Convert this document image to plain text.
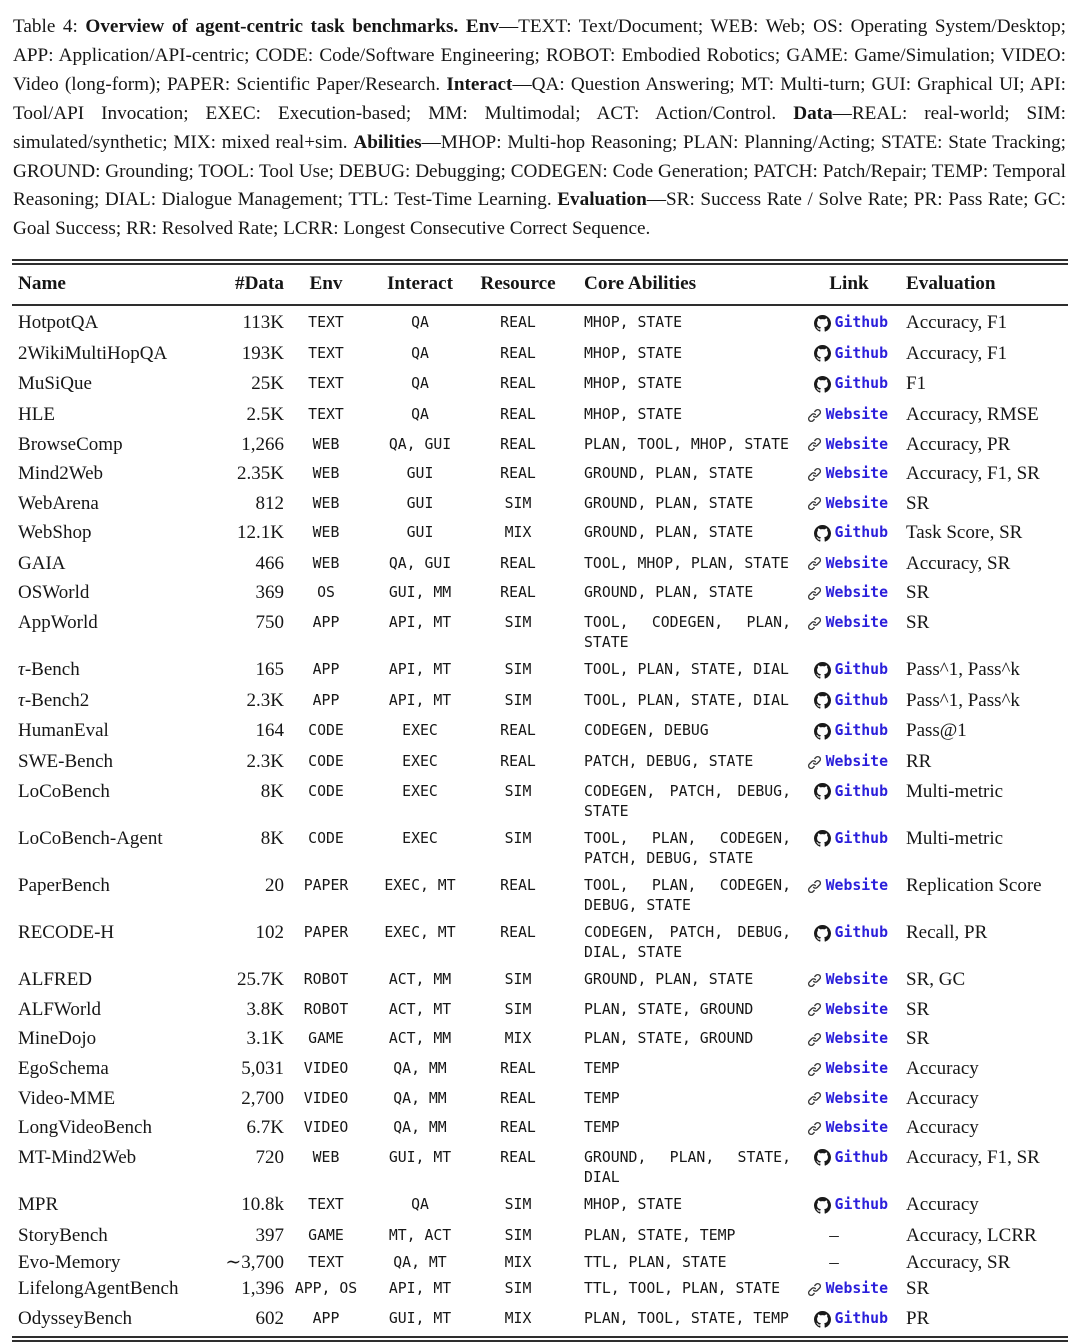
Table 4: Overview of agent-centric task benchmarks. Env—TEXT: Text/Document; WEB: Web; OS: Operating System/Desktop; APP: Application/API-centric; CODE: Code/Software Engineering; ROBOT: Embodied Robotics; GAME: Game/Simulation; VIDEO: Video (long-form); PAPER: Scientific Paper/Research. Interact—QA: Question Answering; MT: Multi-turn; GUI: Graphical UI; API: Tool/API Invocation; EXEC: Execution-based; MM: Multimodal; ACT: Action/Control. Data—REAL: real-world; SIM: simulated/synthetic; MIX: mixed real+sim. Abilities—MHOP: Multi-hop Reasoning; PLAN: Planning/Acting; STATE: State Tracking; GROUND: Grounding; TOOL: Tool Use; DEBUG: Debugging; CODEGEN: Code Generation; PATCH: Patch/Repair; TEMP: Temporal Reasoning; DIAL: Dialogue Management; TTL: Test-Time Learning. Evaluation—SR: Success Rate / Solve Rate; PR: Pass Rate; GC: Goal Success; RR: Resolved Rate; LCRR: Longest Consecutive Correct Sequence.
Name	#Data	Env	Interact	Resource	Core Abilities	Link	Evaluation
HotpotQA	113K	TEXT	QA	REAL	MHOP, STATE	Github	Accuracy, F1
2WikiMultiHopQA	193K	TEXT	QA	REAL	MHOP, STATE	Github	Accuracy, F1
MuSiQue	25K	TEXT	QA	REAL	MHOP, STATE	Github	F1
HLE	2.5K	TEXT	QA	REAL	MHOP, STATE	Website	Accuracy, RMSE
BrowseComp	1,266	WEB	QA, GUI	REAL	PLAN, TOOL, MHOP, STATE	Website	Accuracy, PR
Mind2Web	2.35K	WEB	GUI	REAL	GROUND, PLAN, STATE	Website	Accuracy, F1, SR
WebArena	812	WEB	GUI	SIM	GROUND, PLAN, STATE	Website	SR
WebShop	12.1K	WEB	GUI	MIX	GROUND, PLAN, STATE	Github	Task Score, SR
GAIA	466	WEB	QA, GUI	REAL	TOOL, MHOP, PLAN, STATE	Website	Accuracy, SR
OSWorld	369	OS	GUI, MM	REAL	GROUND, PLAN, STATE	Website	SR
AppWorld	750	APP	API, MT	SIM	TOOL, CODEGEN, PLAN, STATE	Website	SR
τ-Bench	165	APP	API, MT	SIM	TOOL, PLAN, STATE, DIAL	Github	Pass^1, Pass^k
τ-Bench2	2.3K	APP	API, MT	SIM	TOOL, PLAN, STATE, DIAL	Github	Pass^1, Pass^k
HumanEval	164	CODE	EXEC	REAL	CODEGEN, DEBUG	Github	Pass@1
SWE-Bench	2.3K	CODE	EXEC	REAL	PATCH, DEBUG, STATE	Website	RR
LoCoBench	8K	CODE	EXEC	SIM	CODEGEN, PATCH, DEBUG, STATE	Github	Multi-metric
LoCoBench-Agent	8K	CODE	EXEC	SIM	TOOL, PLAN, CODEGEN, PATCH, DEBUG, STATE	Github	Multi-metric
PaperBench	20	PAPER	EXEC, MT	REAL	TOOL, PLAN, CODEGEN, DEBUG, STATE	Website	Replication Score
RECODE-H	102	PAPER	EXEC, MT	REAL	CODEGEN, PATCH, DEBUG, DIAL, STATE	Github	Recall, PR
ALFRED	25.7K	ROBOT	ACT, MM	SIM	GROUND, PLAN, STATE	Website	SR, GC
ALFWorld	3.8K	ROBOT	ACT, MT	SIM	PLAN, STATE, GROUND	Website	SR
MineDojo	3.1K	GAME	ACT, MM	MIX	PLAN, STATE, GROUND	Website	SR
EgoSchema	5,031	VIDEO	QA, MM	REAL	TEMP	Website	Accuracy
Video-MME	2,700	VIDEO	QA, MM	REAL	TEMP	Website	Accuracy
LongVideoBench	6.7K	VIDEO	QA, MM	REAL	TEMP	Website	Accuracy
MT-Mind2Web	720	WEB	GUI, MT	REAL	GROUND, PLAN, STATE, DIAL	Github	Accuracy, F1, SR
MPR	10.8k	TEXT	QA	SIM	MHOP, STATE	Github	Accuracy
StoryBench	397	GAME	MT, ACT	SIM	PLAN, STATE, TEMP	–	Accuracy, LCRR
Evo-Memory	∼3,700	TEXT	QA, MT	MIX	TTL, PLAN, STATE	–	Accuracy, SR
LifelongAgentBench	1,396	APP, OS	API, MT	SIM	TTL, TOOL, PLAN, STATE	Website	SR
OdysseyBench	602	APP	GUI, MT	MIX	PLAN, TOOL, STATE, TEMP	Github	PR
